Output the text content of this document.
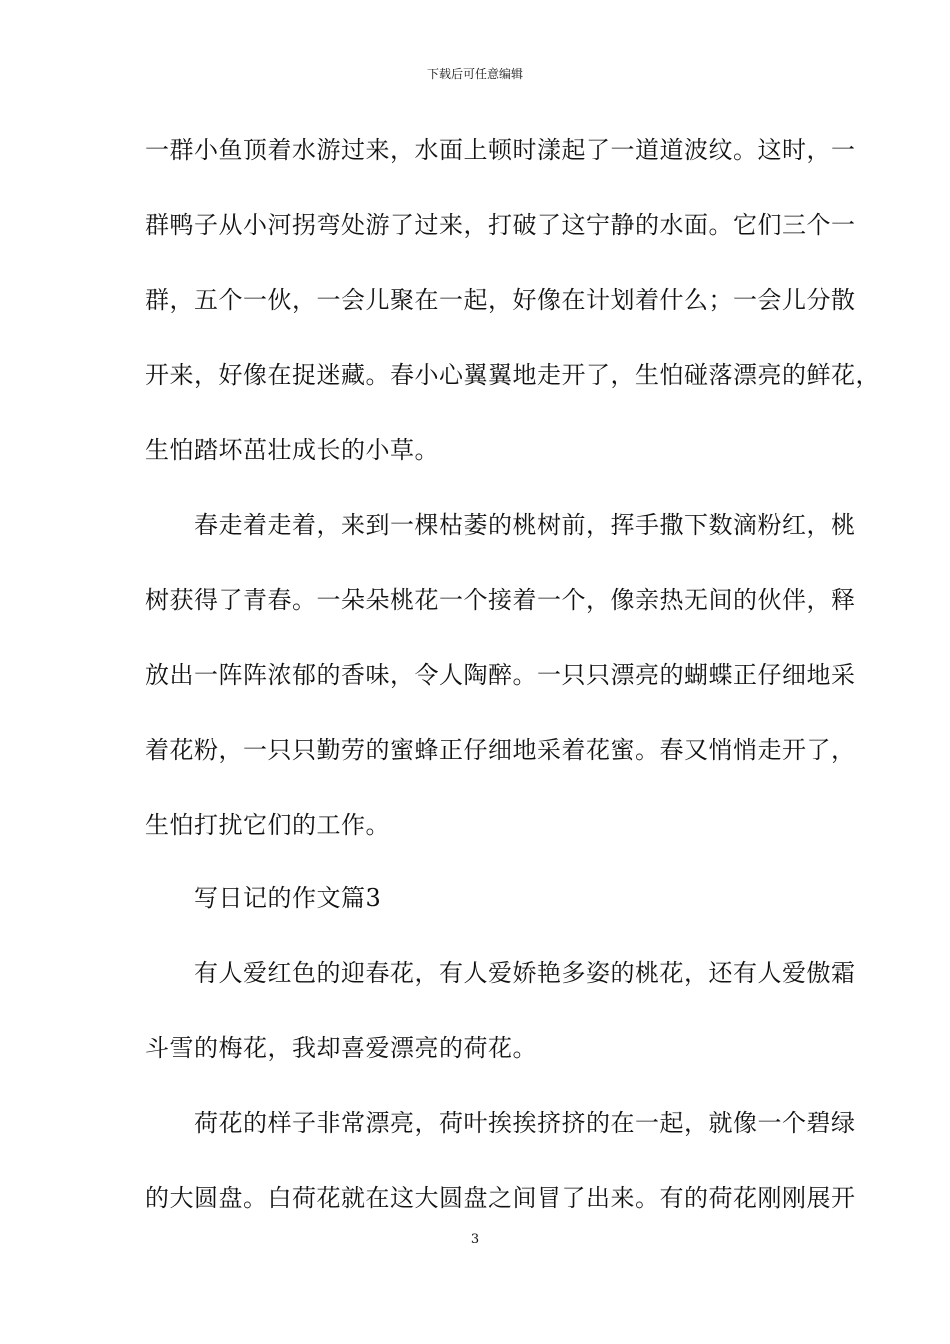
下载后可任意编辑
一群小鱼顶着水游过来，水面上顿时漾起了一道道波纹。这时，一
群鸭子从小河拐弯处游了过来，打破了这宁静的水面。它们三个一
群，五个一伙，一会儿聚在一起，好像在计划着什么；一会儿分散
开来，好像在捉迷藏。春小心翼翼地走开了，生怕碰落漂亮的鲜花，
生怕踏坏茁壮成长的小草。
　　春走着走着，来到一棵枯萎的桃树前，挥手撒下数滴粉红，桃
树获得了青春。一朵朵桃花一个接着一个，像亲热无间的伙伴，释
放出一阵阵浓郁的香味，令人陶醉。一只只漂亮的蝴蝶正仔细地采
着花粉，一只只勤劳的蜜蜂正仔细地采着花蜜。春又悄悄走开了，
生怕打扰它们的工作。
　　写日记的作文篇3
　　有人爱红色的迎春花，有人爱娇艳多姿的桃花，还有人爱傲霜
斗雪的梅花，我却喜爱漂亮的荷花。
　　荷花的样子非常漂亮，荷叶挨挨挤挤的在一起，就像一个碧绿
的大圆盘。白荷花就在这大圆盘之间冒了出来。有的荷花刚刚展开
3
